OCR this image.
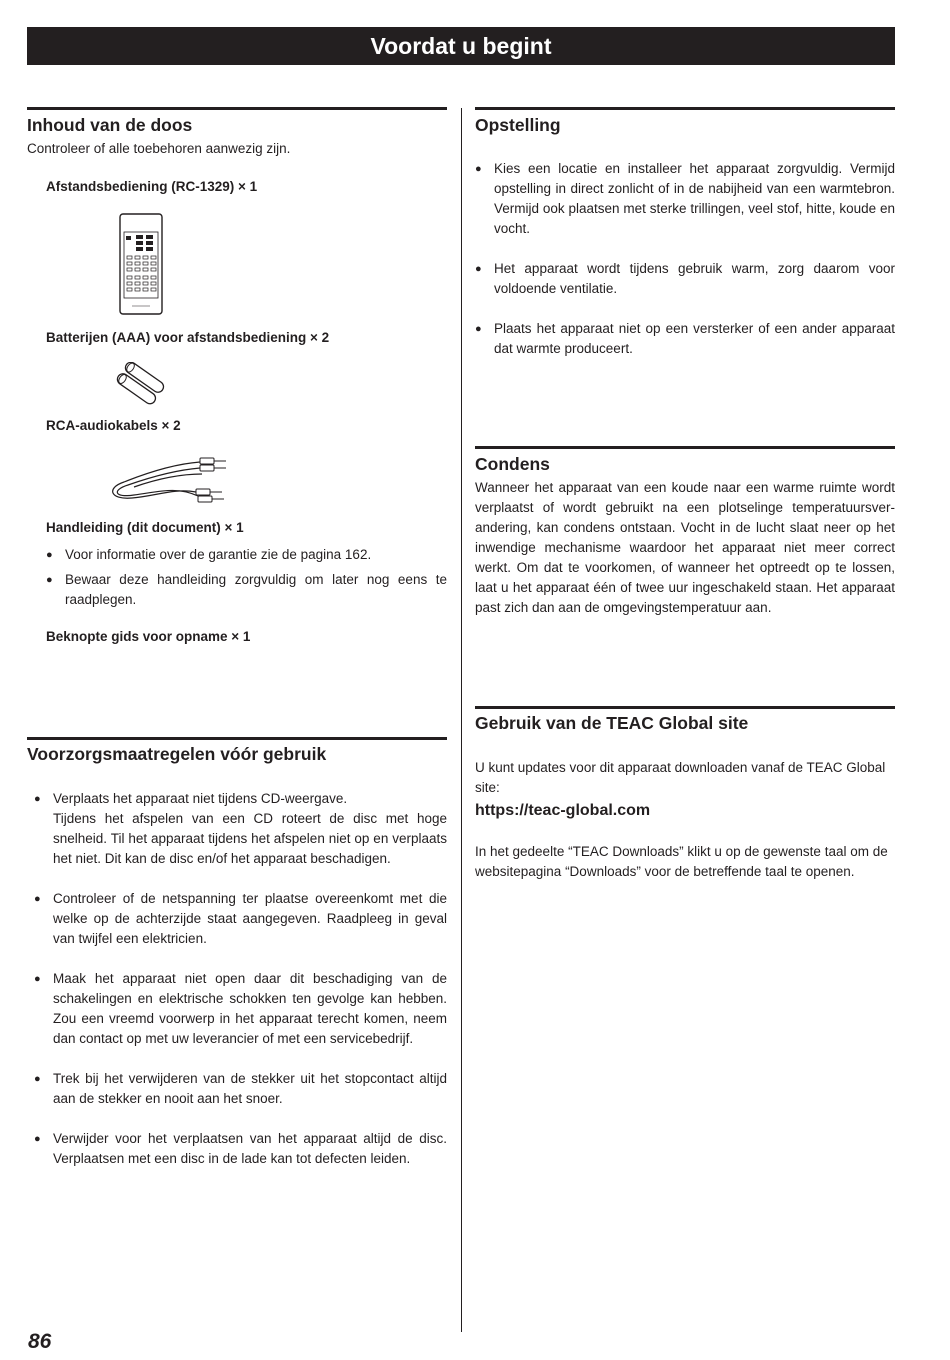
Voordat u begint
Inhoud van de doos
Controleer of alle toebehoren aanwezig zijn.
Afstandsbediening (RC-1329) × 1
Batterijen (AAA) voor afstandsbediening × 2
RCA-audiokabels × 2
Handleiding (dit document) × 1
● Voor informatie over de garantie zie de pagina 162.
● Bewaar deze handleiding zorgvuldig om later nog eens te raadplegen.
Beknopte gids voor opname × 1
Voorzorgsmaatregelen vóór gebruik
● Verplaats het apparaat niet tijdens CD-weergave.
Tijdens het afspelen van een CD roteert de disc met hoge snelheid. Til het apparaat tijdens het afspelen niet op en verplaats het niet. Dit kan de disc en/of het apparaat beschadigen.
● Controleer of de netspanning ter plaatse overeenkomt met die welke op de achterzijde staat aangegeven. Raadpleeg in geval van twijfel een elektricien.
● Maak het apparaat niet open daar dit beschadiging van de schakelingen en elektrische schokken ten gevolge kan hebben. Zou een vreemd voorwerp in het apparaat terecht komen, neem dan contact op met uw leverancier of met een servicebedrijf.
● Trek bij het verwijderen van de stekker uit het stopcontact altijd aan de stekker en nooit aan het snoer.
● Verwijder voor het verplaatsen van het apparaat altijd de disc. Verplaatsen met een disc in de lade kan tot defecten leiden.
Opstelling
● Kies een locatie en installeer het apparaat zorgvuldig. Vermijd opstelling in direct zonlicht of in de nabijheid van een warmtebron. Vermijd ook plaatsen met sterke trillingen, veel stof, hitte, koude en vocht.
● Het apparaat wordt tijdens gebruik warm, zorg daarom voor voldoende ventilatie.
● Plaats het apparaat niet op een versterker of een ander apparaat dat warmte produceert.
Condens
Wanneer het apparaat van een koude naar een warme ruimte wordt verplaatst of wordt gebruikt na een plotselinge temperatuursverandering, kan condens ontstaan. Vocht in de lucht slaat neer op het inwendige mechanisme waardoor het apparaat niet meer correct werkt. Om dat te voorkomen, of wanneer het optreedt op te lossen, laat u het apparaat één of twee uur ingeschakeld staan. Het apparaat past zich dan aan de omgevingstemperatuur aan.
Gebruik van de TEAC Global site
U kunt updates voor dit apparaat downloaden vanaf de TEAC Global site:
https://teac-global.com
In het gedeelte “TEAC Downloads” klikt u op de gewenste taal om de websitepagina “Downloads” voor de betreffende taal te openen.
86
